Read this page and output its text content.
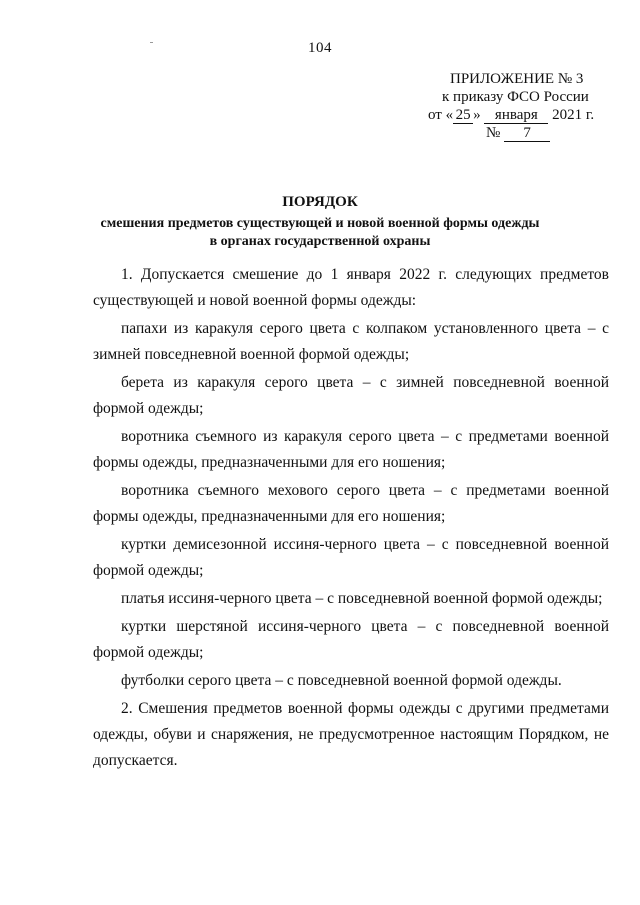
104
ПРИЛОЖЕНИЕ № 3
к приказу ФСО России
от « 25 » января 2021 г.
№ 7
ПОРЯДОК
смешения предметов существующей и новой военной формы одежды
в органах государственной охраны

1. Допускается смешение до 1 января 2022 г. следующих предметов существующей и новой военной формы одежды:

папахи из каракуля серого цвета с колпаком установленного цвета – с зимней повседневной военной формой одежды;

берета из каракуля серого цвета – с зимней повседневной военной формой одежды;

воротника съемного из каракуля серого цвета – с предметами военной формы одежды, предназначенными для его ношения;

воротника съемного мехового серого цвета – с предметами военной формы одежды, предназначенными для его ношения;

куртки демисезонной иссиня-черного цвета – с повседневной военной формой одежды;

платья иссиня-черного цвета – с повседневной военной формой одежды;

куртки шерстяной иссиня-черного цвета – с повседневной военной формой одежды;

футболки серого цвета – с повседневной военной формой одежды.

2. Смешения предметов военной формы одежды с другими предметами одежды, обуви и снаряжения, не предусмотренное настоящим Порядком, не допускается.
